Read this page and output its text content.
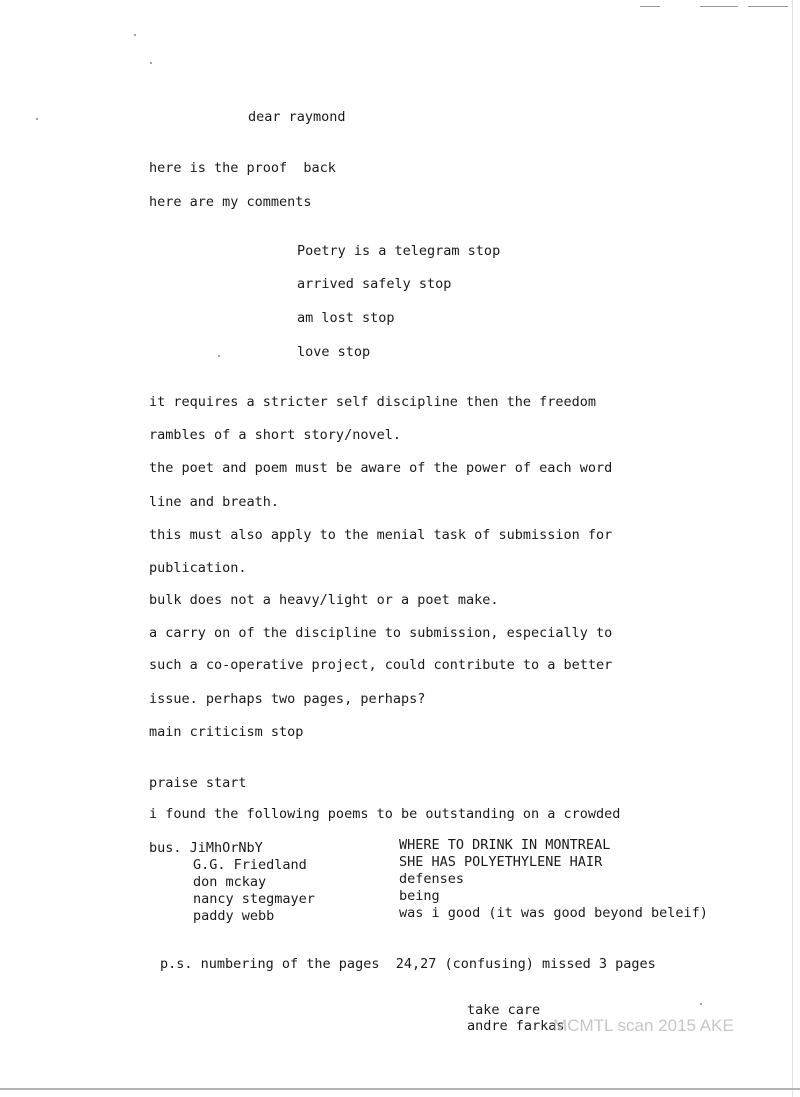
dear raymond
here is the proof  back
here are my comments
Poetry is a telegram stop
arrived safely stop
am lost stop
love stop
it requires a stricter self discipline then the freedom
rambles of a short story/novel.
the poet and poem must be aware of the power of each word
line and breath.
this must also apply to the menial task of submission for
publication.
bulk does not a heavy/light or a poet make.
a carry on of the discipline to submission, especially to
such a co-operative project, could contribute to a better
issue. perhaps two pages, perhaps?
main criticism stop
praise start
i found the following poems to be outstanding on a crowded
bus. JiMhOrNbY
G.G. Friedland
don mckay
nancy stegmayer
paddy webb
WHERE TO DRINK IN MONTREAL
SHE HAS POLYETHYLENE HAIR
defenses
being
was i good (it was good beyond beleif)
p.s. numbering of the pages  24,27 (confusing) missed 3 pages
take care
andre farkas
MCMTL scan 2015 AKE
